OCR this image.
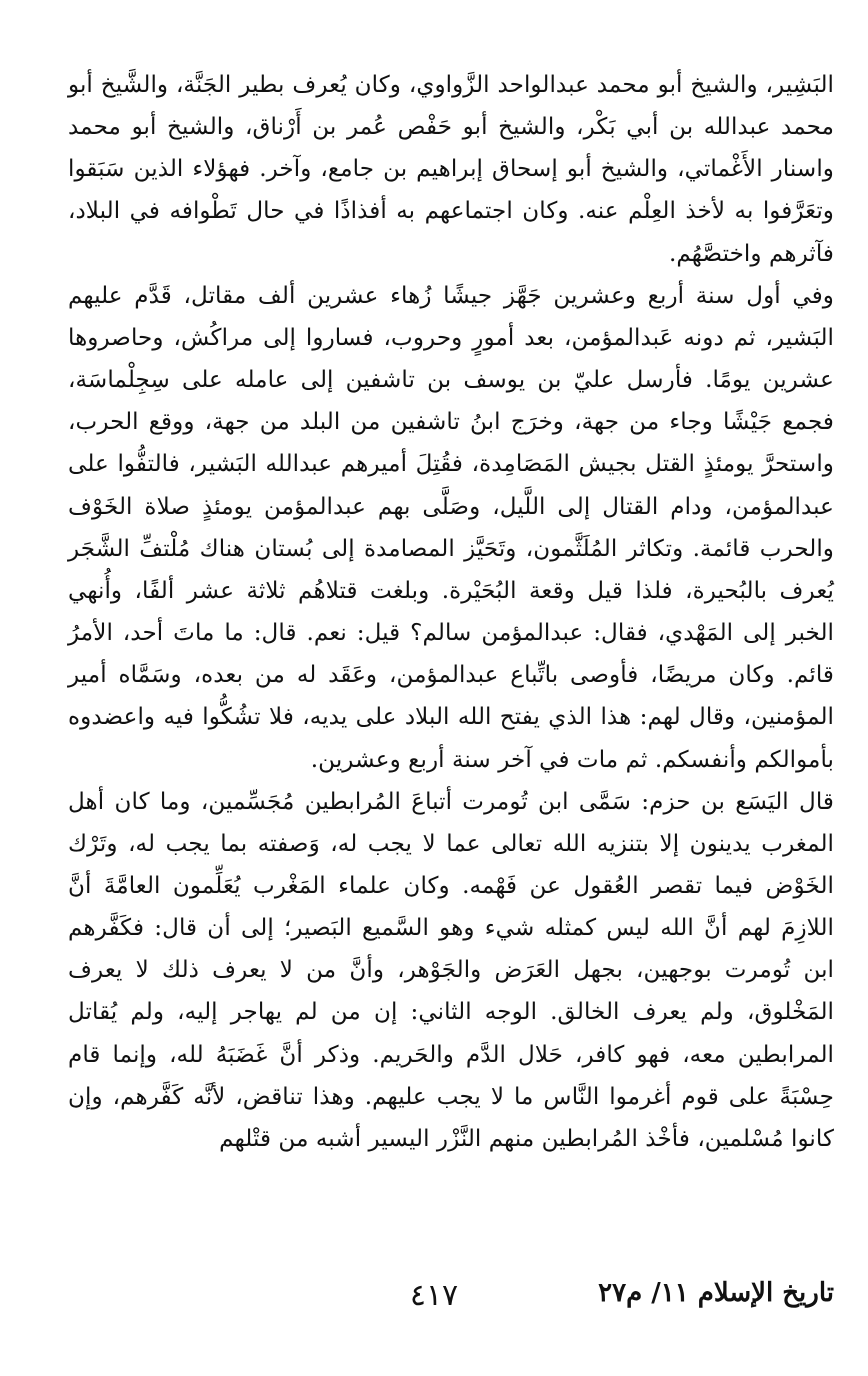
البَشِير، والشيخ أبو محمد عبدالواحد الزَّواوي، وكان يُعرف بطير الجَنَّة، والشَّيخ أبو محمد عبدالله بن أبي بَكْر، والشيخ أبو حَفْص عُمر بن أَرْناق، والشيخ أبو محمد واسنار الأَغْماتي، والشيخ أبو إسحاق إبراهيم بن جامع، وآخر. فهؤلاء الذين سَبَقوا وتعَرَّفوا به لأخذ العِلْم عنه. وكان اجتماعهم به أفذاذًا في حال تَطْوافه في البلاد، فآثرهم واختصَّهُم.

وفي أول سنة أربع وعشرين جَهَّز جيشًا زُهاء عشرين ألف مقاتل، قَدَّم عليهم البَشير، ثم دونه عَبدالمؤمن، بعد أمورٍ وحروب، فساروا إلى مراكُش، وحاصروها عشرين يومًا. فأرسل عليّ بن يوسف بن تاشفين إلى عامله على سِجِلْماسَة، فجمع جَيْشًا وجاء من جهة، وخرَج ابنُ تاشفين من البلد من جهة، ووقع الحرب، واستحرَّ يومئذٍ القتل بجيش المَصَامِدة، فقُتِلَ أميرهم عبدالله البَشير، فالتفُّوا على عبدالمؤمن، ودام القتال إلى اللَّيل، وصَلَّى بهم عبدالمؤمن يومئذٍ صلاة الخَوْف والحرب قائمة. وتكاثر المُلَثَّمون، وتَحَيَّز المصامدة إلى بُستان هناك مُلْتفِّ الشَّجَر يُعرف بالبُحيرة، فلذا قيل وقعة البُحَيْرة. وبلغت قتلاهُم ثلاثة عشر ألفًا، وأُنهي الخبر إلى المَهْدي، فقال: عبدالمؤمن سالم؟ قيل: نعم. قال: ما ماتَ أحد، الأمرُ قائم. وكان مريضًا، فأوصى باتِّباع عبدالمؤمن، وعَقَد له من بعده، وسَمَّاه أمير المؤمنين، وقال لهم: هذا الذي يفتح الله البلاد على يديه، فلا تشُكُّوا فيه واعضدوه بأموالكم وأنفسكم. ثم مات في آخر سنة أربع وعشرين.

قال اليَسَع بن حزم: سَمَّى ابن تُومرت أتباعَ المُرابطين مُجَسِّمين، وما كان أهل المغرب يدينون إلا بتنزيه الله تعالى عما لا يجب له، وَصفته بما يجب له، وتَرْك الخَوْض فيما تقصر العُقول عن فَهْمه. وكان علماء المَغْرب يُعَلِّمون العامَّةَ أنَّ اللازِمَ لهم أنَّ الله ليس كمثله شيء وهو السَّميع البَصير؛ إلى أن قال: فكَفَّرهم ابن تُومرت بوجهين، بجهل العَرَض والجَوْهر، وأنَّ من لا يعرف ذلك لا يعرف المَخْلوق، ولم يعرف الخالق. الوجه الثاني: إن من لم يهاجر إليه، ولم يُقاتل المرابطين معه، فهو كافر، حَلال الدَّم والحَريم. وذكر أنَّ غَضَبَهُ لله، وإنما قام حِسْبَةً على قوم أغرموا النَّاس ما لا يجب عليهم. وهذا تناقض، لأنَّه كَفَّرهم، وإن كانوا مُسْلمين، فأخْذ المُرابطين منهم النَّزْر اليسير أشبه من قتْلهم

تاريخ الإسلام ١١/ م٢٧
٤١٧
